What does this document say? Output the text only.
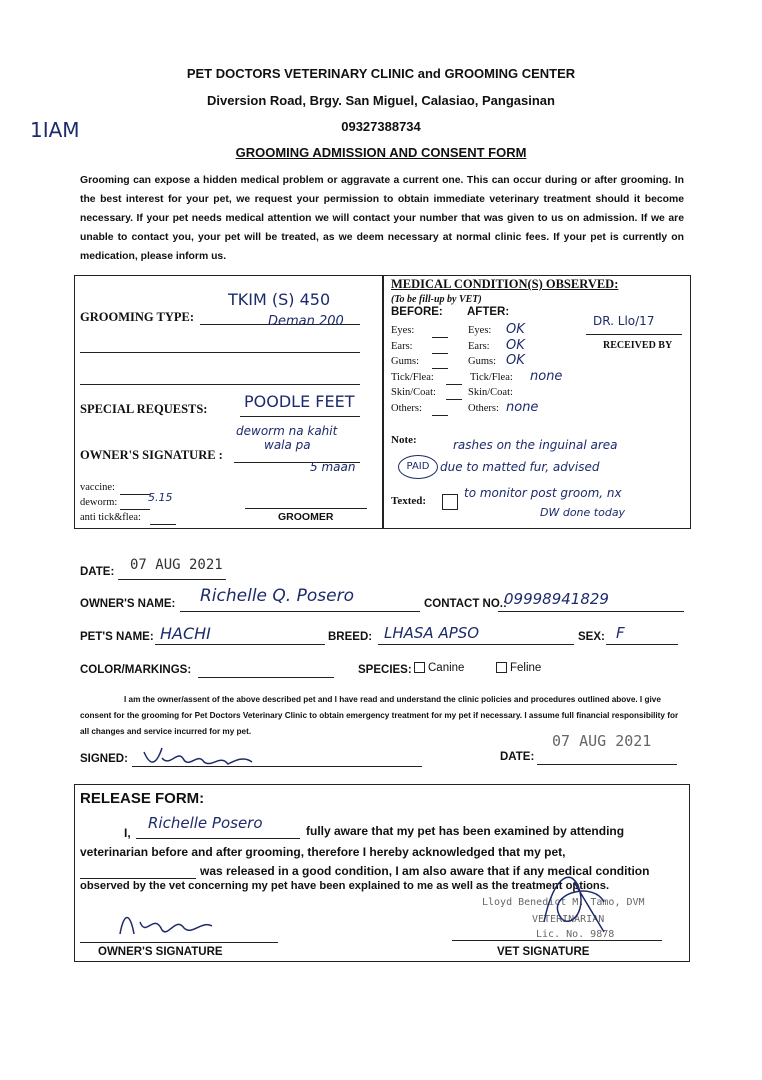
PET DOCTORS VETERINARY CLINIC and GROOMING CENTER
Diversion Road, Brgy. San Miguel, Calasiao, Pangasinan
09327388734
GROOMING ADMISSION AND CONSENT FORM
1IAM
Grooming can expose a hidden medical problem or aggravate a current one. This can occur during or after grooming. In the best interest for your pet, we request your permission to obtain immediate veterinary treatment should it become necessary. If your pet needs medical attention we will contact your number that was given to us on admission. If we are unable to contact you, your pet will be treated, as we deem necessary at normal clinic fees. If your pet is currently on medication, please inform us.
GROOMING TYPE:
TKIM (S) 450
Deman 200
SPECIAL REQUESTS: POODLE FEET
OWNER'S SIGNATURE :
deworm na kahit
wala pa
5 maan
vaccine:
deworm:	5.15
anti tick&flea:	GROOMER
MEDICAL CONDITION(S) OBSERVED:
(To be fill-up by VET)
BEFORE: AFTER:
Eyes:	Eyes: OK
Ears:	Ears: OK
Gums:	Gums: OK
Tick/Flea:	Tick/Flea: none
Skin/Coat:	Skin/Coat:
Others:	Others: none
DR. Llo/17
RECEIVED BY
Note:	rashes on the inguinal area
due to matted fur, advised
to monitor post groom, nx
DW done today
PAID
Texted:
DATE: 07 AUG 2021
OWNER'S NAME: Richelle Q. Posero	CONTACT NO.:
09998941829
PET'S NAME: HACHI	BREED: LHASA APSO	SEX: F
COLOR/MARKINGS:	SPECIES:	Canine	Feline
I am the owner/assent of the above described pet and I have read and understand the clinic policies and procedures outlined above. I give consent for the grooming for Pet Doctors Veterinary Clinic to obtain emergency treatment for my pet if necessary. I assume full financial responsibility for all changes and service incurred for my pet.
SIGNED:	DATE:
07 AUG 2021
RELEASE FORM:
I,
Richelle Posero	fully aware that my pet has been examined by attending
veterinarian before and after grooming, therefore I hereby acknowledged that my pet,
was released in a good condition, I am also aware that if any medical condition
observed by the vet concerning my pet have been explained to me as well as the treatment options.
Lloyd Benedict M. Tamo, DVM
VETERINARIAN
Lic. No. 9878
OWNER'S SIGNATURE	VET SIGNATURE
